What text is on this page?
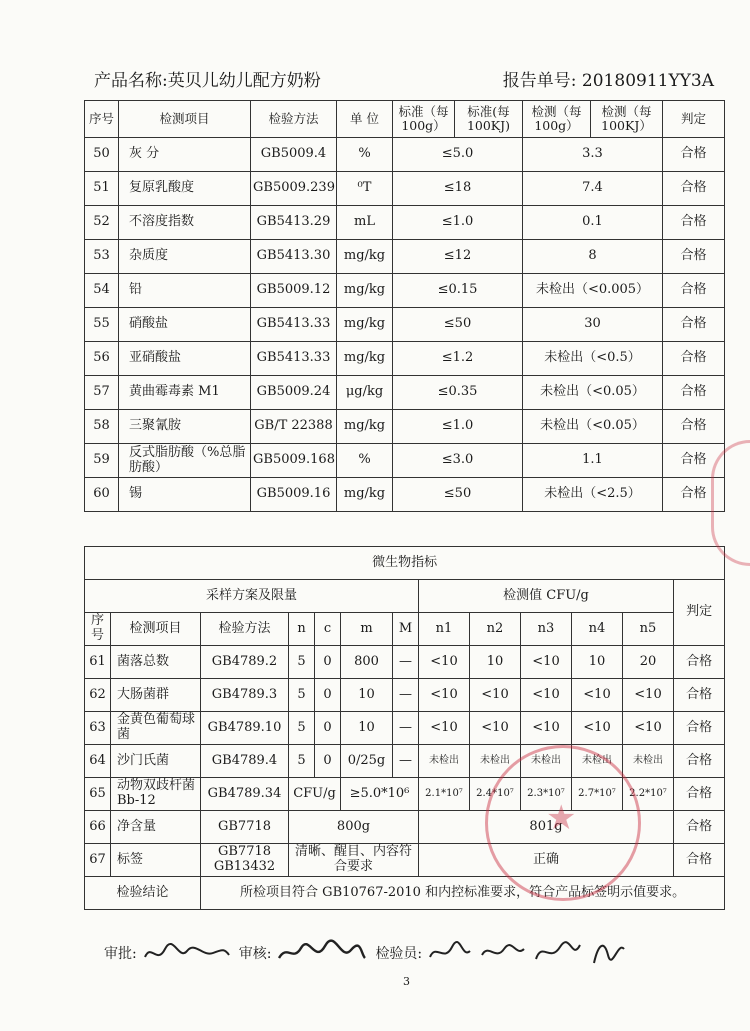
产品名称:英贝儿幼儿配方奶粉	报告单号: 20180911YY3A
序号	检测项目	检验方法	单 位	标准（每100g）	标准(每100KJ)	检测（每100g）	检测（每100KJ）	判定
50	灰 分	GB5009.4	%	≤5.0		3.3		合格
51	复原乳酸度	GB5009.239	⁰T	≤18		7.4		合格
52	不溶度指数	GB5413.29	mL	≤1.0		0.1		合格
53	杂质度	GB5413.30	mg/kg	≤12		8		合格
54	铅	GB5009.12	mg/kg	≤0.15		未检出（<0.005）		合格
55	硝酸盐	GB5413.33	mg/kg	≤50		30		合格
56	亚硝酸盐	GB5413.33	mg/kg	≤1.2		未检出（<0.5）		合格
57	黄曲霉毒素 M1	GB5009.24	μg/kg	≤0.35		未检出（<0.05）		合格
58	三聚氰胺	GB/T 22388	mg/kg	≤1.0		未检出（<0.05）		合格
59	反式脂肪酸（%总脂肪酸）	GB5009.168	%	≤3.0		1.1		合格
60	锡	GB5009.16	mg/kg	≤50		未检出（<2.5）		合格
微生物指标												
采样方案及限量							检测值 CFU/g					判定
序号	检测项目	检验方法	n	c	m	M	n1	n2	n3	n4	n5	
61	菌落总数	GB4789.2	5	0	800	—	<10	10	<10	10	20	合格
62	大肠菌群	GB4789.3	5	0	10	—	<10	<10	<10	<10	<10	合格
63	金黄色葡萄球菌	GB4789.10	5	0	10	—	<10	<10	<10	<10	<10	合格
64	沙门氏菌	GB4789.4	5	0	0/25g	—	未检出	未检出	未检出	未检出	未检出	合格
65	动物双歧杆菌 Bb-12	GB4789.34	CFU/g		≥5.0*10⁶		2.1*10⁷	2.4*10⁷	2.3*10⁷	2.7*10⁷	2.2*10⁷	合格
66	净含量	GB7718	800g				801g					合格
67	标签	GB7718 GB13432	清晰、醒目、内容符合要求				正确					合格
检验结论		所检项目符合 GB10767-2010 和内控标准要求，符合产品标签明示值要求。										
★
审批:	审核:	检验员:
3
